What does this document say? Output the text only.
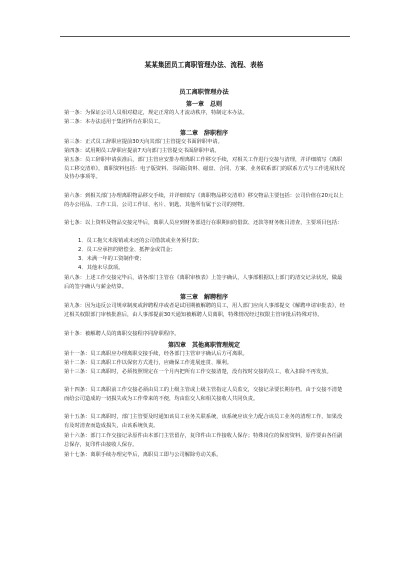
某某集团员工离职管理办法、流程、表格
员工离职管理办法
第一章　总则
第一条：为保证公司人员相对稳定，规定正常的人才流动秩序，特制定本办法。
第二条：本办法适用于集团所有在职员工。
第二章　辞职程序
第三条：正式员工辞职应提前30天向其部门主管提交书面辞职申请。
第四条：试用期员工辞职应提前7天向部门主管提交书面辞职申请。
第五条：员工辞职申请获准后，部门主管应安排办理离职工作移交手续，对相关工作进行交接与清理，并详细填写《离职员工移交清单》，离职资料包括：电子版资料、书面版资料、磁盘、合同、方案、业务联系部门的联系方式与工作进展状况及待办事项等。
第六条：到相关部门办理离职物品移交手续，并详细填写《离职物品移交清单》移交物品主要包括：公司价值在20元以上的办公用品、工作工具、公司工作证、名片、钥匙、其他所有属于公司的财物。
第七条：以上资料及物品交接完毕后，离职人员应到财务部进行在职期间的借款、还款等财务帐目清查，主要项目包括：
1．员工拖欠未报销或未还的公司借款或业务预付款；
2．员工应承担的赔偿金、抵押金或罚金；
3．未满一年的工资制作费；
4．其他未尽款项。
第八条：上述工作交接完毕后，请各部门主管在《离职审核表》上签字确认，人事部根据以上部门的清交记录状况，做最后的签字确认与薪金结算。
第三章　解聘程序
第九条：因为违反公司规章制度或辞聘程序或者是试用期被解聘的员工，用人部门应向人事部提交《解聘申请审批表》，经过相关权限部门审核批准后，由人事部提前30天通知被解聘人员离职，特殊情况经过权限主管审批后特殊对待。
第十条：被解聘人员的离职交接程序同辞职程序。
第四章　其他离职管理规定
第十一条：员工离职应办理离职交接手续，经各部门主管审字确认后方可离职。
第十二条：员工离职工作以保密方式进行，应确保工作进展连贯、顺利。
第十三条：员工离职时，必须按照规定在一个月内把所有工作交接清楚，没有按时交接的员工，收入扣除不再发放。
第十四条：员工离职前工作交接必须由员工的上级主管或上级主管指定人员监交，交接记录要长期存档。由于交接不清楚而给公司造成的一切损失或为工作带来的不便，均由监交人和相关接收人共同负责。
第十五条：员工离职时，部门主管要及时通知该员工业务关联系统，该系统应该全力配合该员工业务的清理工作，如果没有及时清查而造成损失，由该系统负责。
第十六条：部门工作交接记录原件由本部门主管留存，复印件由工作接收人保存；特殊岗位的保密资料，原件要由各任副总保存，复印件由接收人保存。
第十七条：离职手续办理完毕后，离职员工即与公司解除劳动关系。
